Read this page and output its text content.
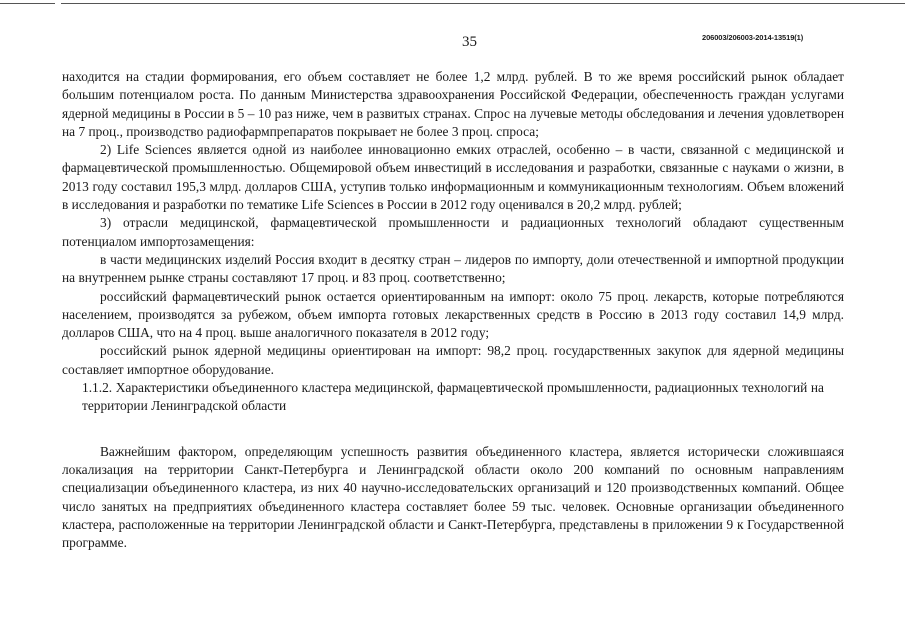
35	206003/206003-2014-13519(1)

находится на стадии формирования, его объем составляет не более 1,2 млрд. рублей. В то же время российский рынок обладает большим потенциалом роста. По данным Министерства здравоохранения Российской Федерации, обеспеченность граждан услугами ядерной медицины в России в 5 – 10 раз ниже, чем в развитых странах. Спрос на лучевые методы обследования и лечения удовлетворен на 7 проц., производство радиофармпрепаратов покрывает не более 3 проц. спроса;

2) Life Sciences является одной из наиболее инновационно емких отраслей, особенно – в части, связанной с медицинской и фармацевтической промышленностью. Общемировой объем инвестиций в исследования и разработки, связанные с науками о жизни, в 2013 году составил 195,3 млрд. долларов США, уступив только информационным и коммуникационным технологиям. Объем вложений в исследования и разработки по тематике Life Sciences в России в 2012 году оценивался в 20,2 млрд. рублей;

3) отрасли медицинской, фармацевтической промышленности и радиационных технологий обладают существенным потенциалом импортозамещения:

в части медицинских изделий Россия входит в десятку стран – лидеров по импорту, доли отечественной и импортной продукции на внутреннем рынке страны составляют 17 проц. и 83 проц. соответственно;

российский фармацевтический рынок остается ориентированным на импорт: около 75 проц. лекарств, которые потребляются населением, производятся за рубежом, объем импорта готовых лекарственных средств в Россию в 2013 году составил 14,9 млрд. долларов США, что на 4 проц. выше аналогичного показателя в 2012 году;

российский рынок ядерной медицины ориентирован на импорт: 98,2 проц. государственных закупок для ядерной медицины составляет импортное оборудование.

1.1.2. Характеристики объединенного кластера медицинской, фармацевтической промышленности, радиационных технологий на территории Ленинградской области

Важнейшим фактором, определяющим успешность развития объединенного кластера, является исторически сложившаяся локализация на территории Санкт-Петербурга и Ленинградской области около 200 компаний по основным направлениям специализации объединенного кластера, из них 40 научно-исследовательских организаций и 120 производственных компаний. Общее число занятых на предприятиях объединенного кластера составляет более 59 тыс. человек. Основные организации объединенного кластера, расположенные на территории Ленинградской области и Санкт-Петербурга, представлены в приложении 9 к Государственной программе.
